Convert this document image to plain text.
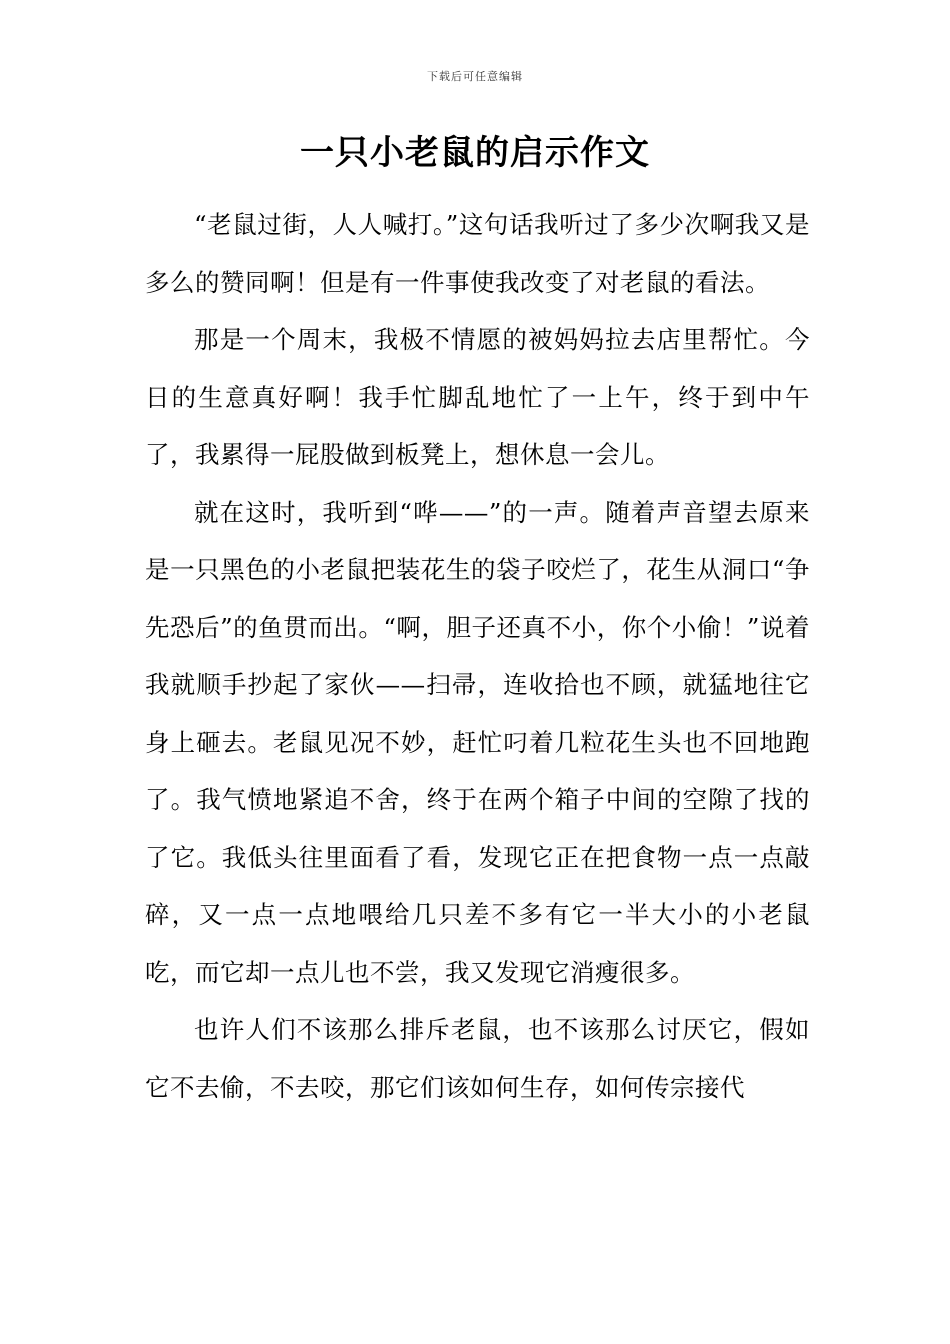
下载后可任意编辑
一只小老鼠的启示作文

“老鼠过街，人人喊打。”这句话我听过了多少次啊我又是多么的赞同啊！但是有一件事使我改变了对老鼠的看法。

那是一个周末，我极不情愿的被妈妈拉去店里帮忙。今日的生意真好啊！我手忙脚乱地忙了一上午，终于到中午了，我累得一屁股做到板凳上，想休息一会儿。

就在这时，我听到“哗——”的一声。随着声音望去原来是一只黑色的小老鼠把装花生的袋子咬烂了，花生从洞口“争先恐后”的鱼贯而出。“啊，胆子还真不小，你个小偷！”说着我就顺手抄起了家伙——扫帚，连收拾也不顾，就猛地往它身上砸去。老鼠见况不妙，赶忙叼着几粒花生头也不回地跑了。我气愤地紧追不舍，终于在两个箱子中间的空隙了找的了它。我低头往里面看了看，发现它正在把食物一点一点敲碎，又一点一点地喂给几只差不多有它一半大小的小老鼠吃，而它却一点儿也不尝，我又发现它消瘦很多。

也许人们不该那么排斥老鼠，也不该那么讨厌它，假如它不去偷，不去咬，那它们该如何生存，如何传宗接代
